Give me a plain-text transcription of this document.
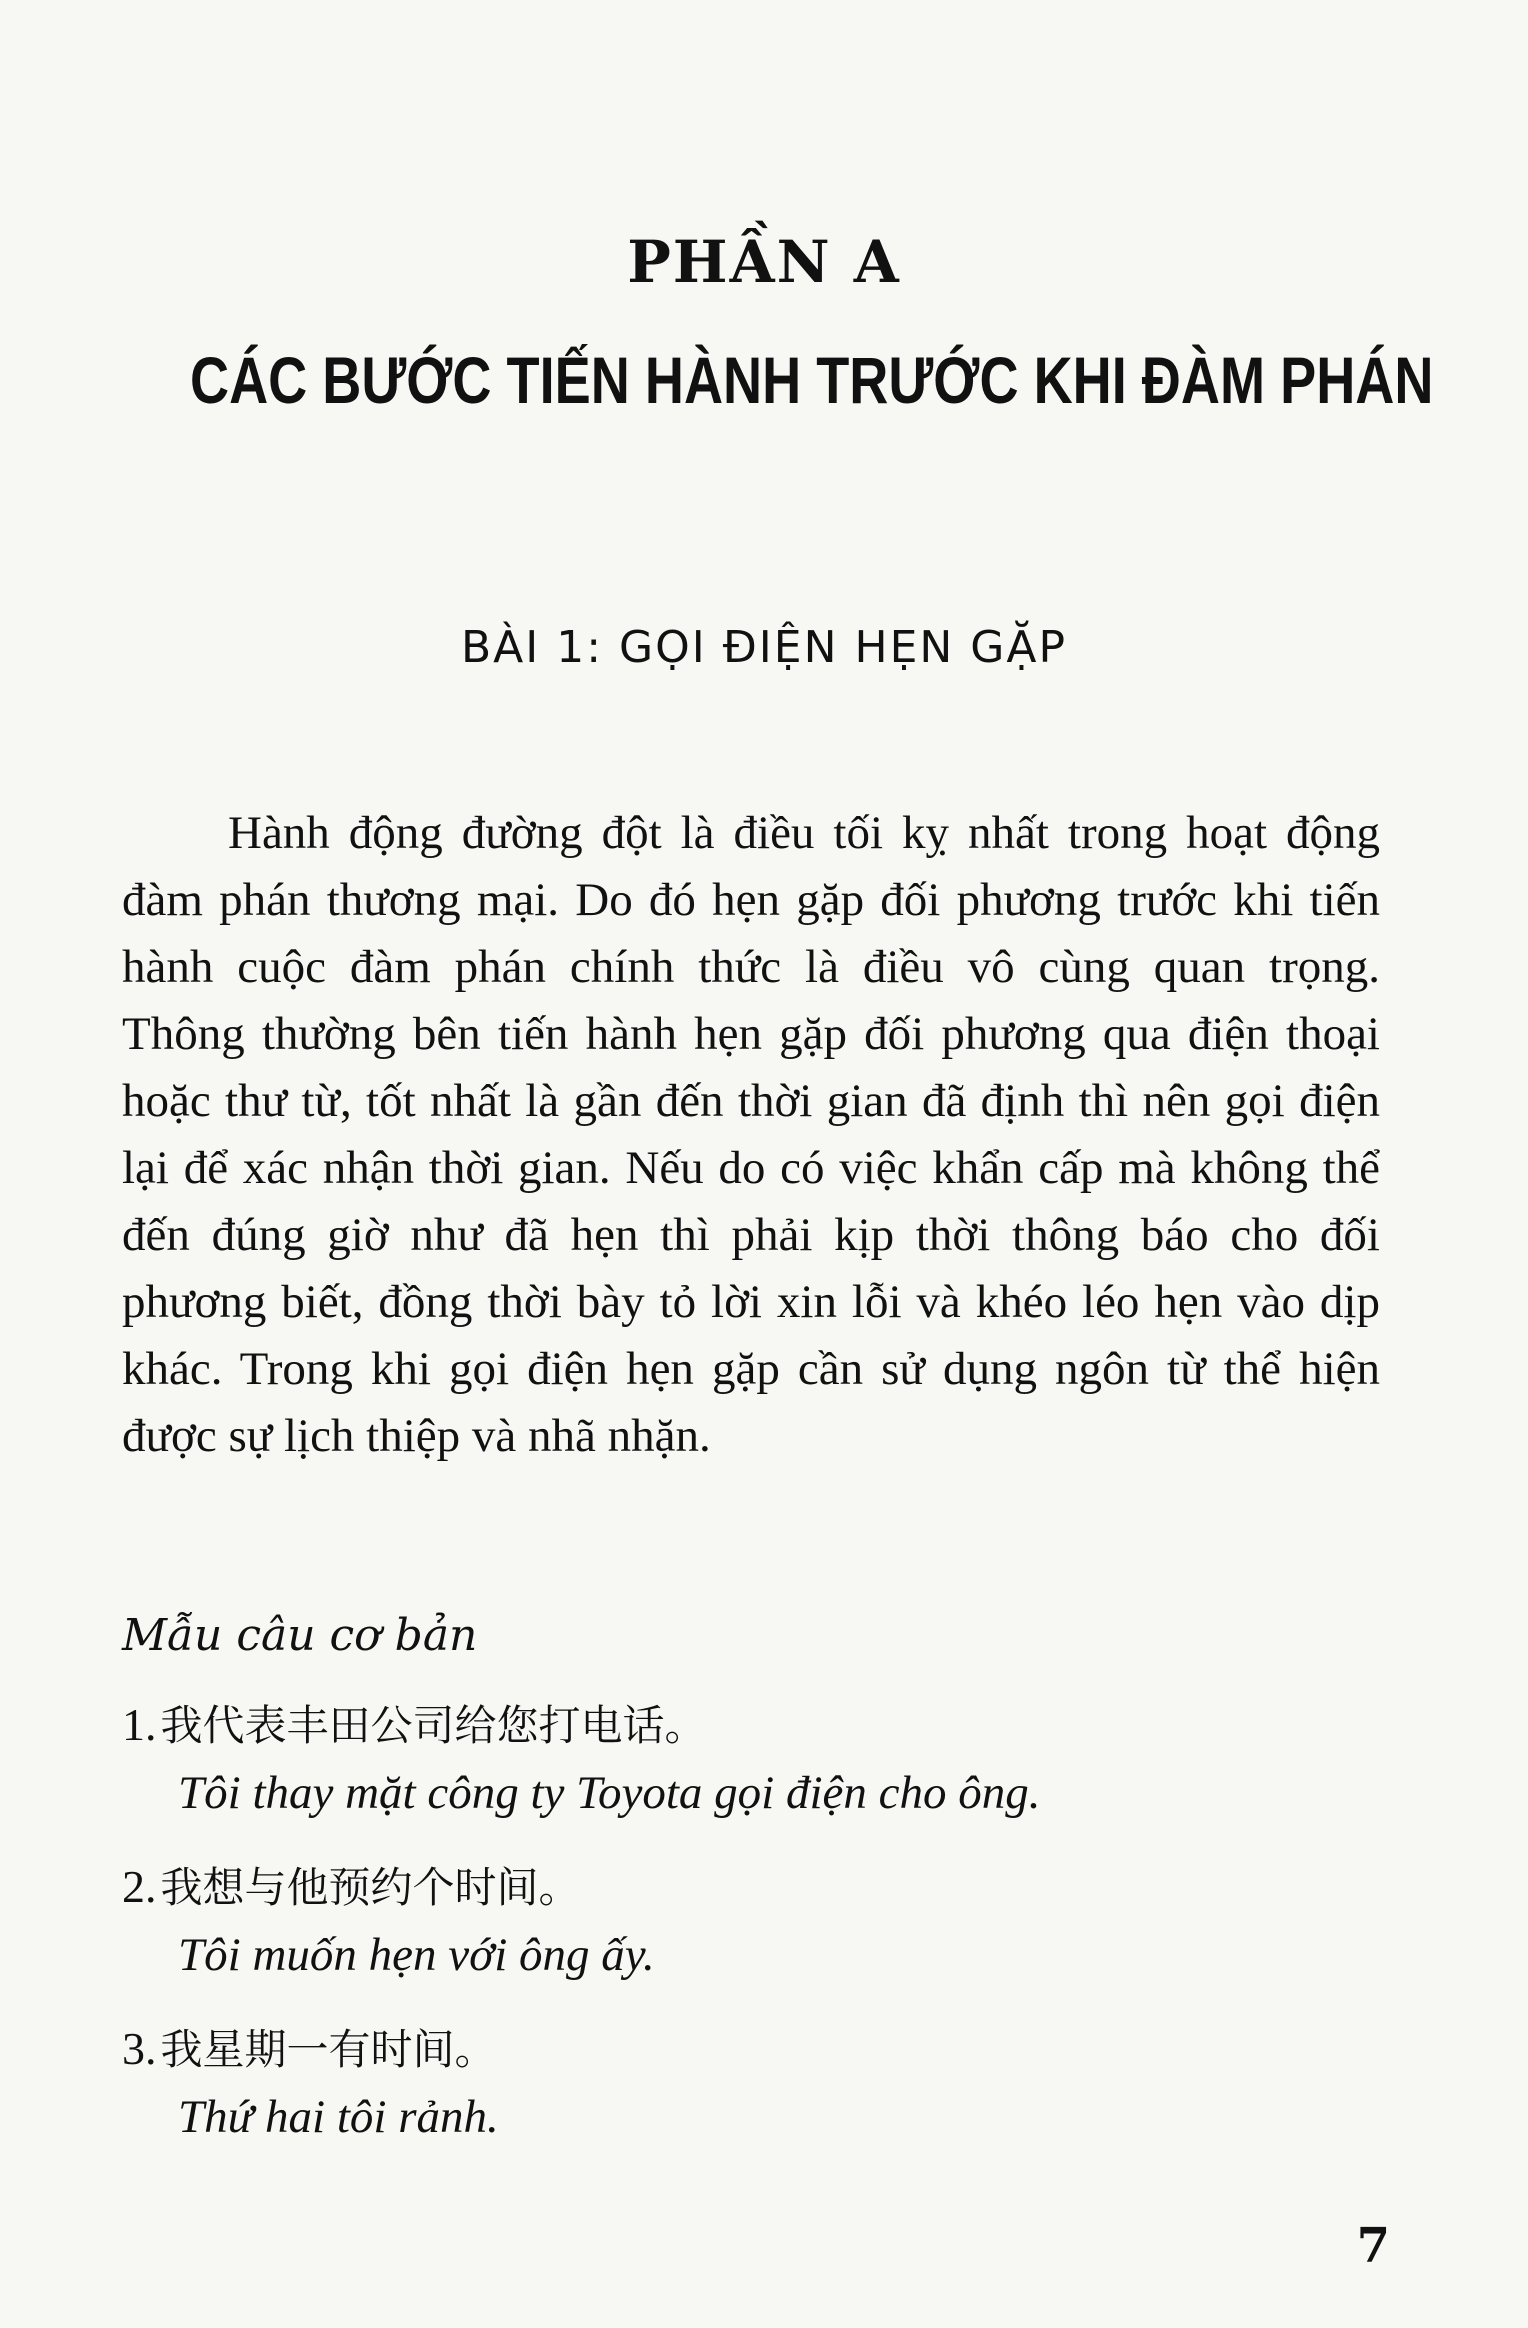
PHẦN A
CÁC BƯỚC TIẾN HÀNH TRƯỚC KHI ĐÀM PHÁN
BÀI 1: GỌI ĐIỆN HẸN GẶP

Hành động đường đột là điều tối kỵ nhất trong hoạt động đàm phán thương mại. Do đó hẹn gặp đối phương trước khi tiến hành cuộc đàm phán chính thức là điều vô cùng quan trọng. Thông thường bên tiến hành hẹn gặp đối phương qua điện thoại hoặc thư từ, tốt nhất là gần đến thời gian đã định thì nên gọi điện lại để xác nhận thời gian. Nếu do có việc khẩn cấp mà không thể đến đúng giờ như đã hẹn thì phải kịp thời thông báo cho đối phương biết, đồng thời bày tỏ lời xin lỗi và khéo léo hẹn vào dịp khác. Trong khi gọi điện hẹn gặp cần sử dụng ngôn từ thể hiện được sự lịch thiệp và nhã nhặn.

Mẫu câu cơ bản
1. 我代表丰田公司给您打电话。
Tôi thay mặt công ty Toyota gọi điện cho ông.
2. 我想与他预约个时间。
Tôi muốn hẹn với ông ấy.
3. 我星期一有时间。
Thứ hai tôi rảnh.
7
